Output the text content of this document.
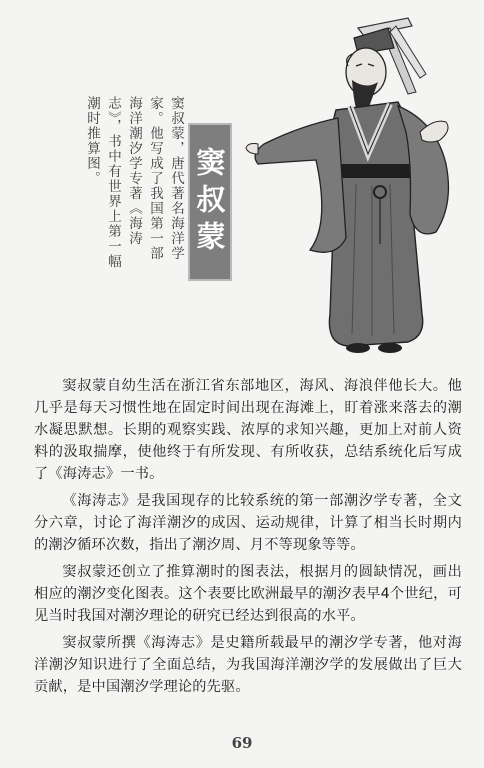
窦叔蒙，唐代著名海洋学家。他写成了我国第一部海洋潮汐学专著《海涛志》，书中有世界上第一幅潮时推算图。
窦叔蒙

窦叔蒙自幼生活在浙江省东部地区，海风、海浪伴他长大。他几乎是每天习惯性地在固定时间出现在海滩上，盯着涨来落去的潮水凝思默想。长期的观察实践、浓厚的求知兴趣，更加上对前人资料的汲取揣摩，使他终于有所发现、有所收获，总结系统化后写成了《海涛志》一书。

《海涛志》是我国现存的比较系统的第一部潮汐学专著，全文分六章，讨论了海洋潮汐的成因、运动规律，计算了相当长时期内的潮汐循环次数，指出了潮汐周、月不等现象等等。

窦叔蒙还创立了推算潮时的图表法，根据月的圆缺情况，画出相应的潮汐变化图表。这个表要比欧洲最早的潮汐表早4个世纪，可见当时我国对潮汐理论的研究已经达到很高的水平。

窦叔蒙所撰《海涛志》是史籍所载最早的潮汐学专著，他对海洋潮汐知识进行了全面总结，为我国海洋潮汐学的发展做出了巨大贡献，是中国潮汐学理论的先驱。

69
